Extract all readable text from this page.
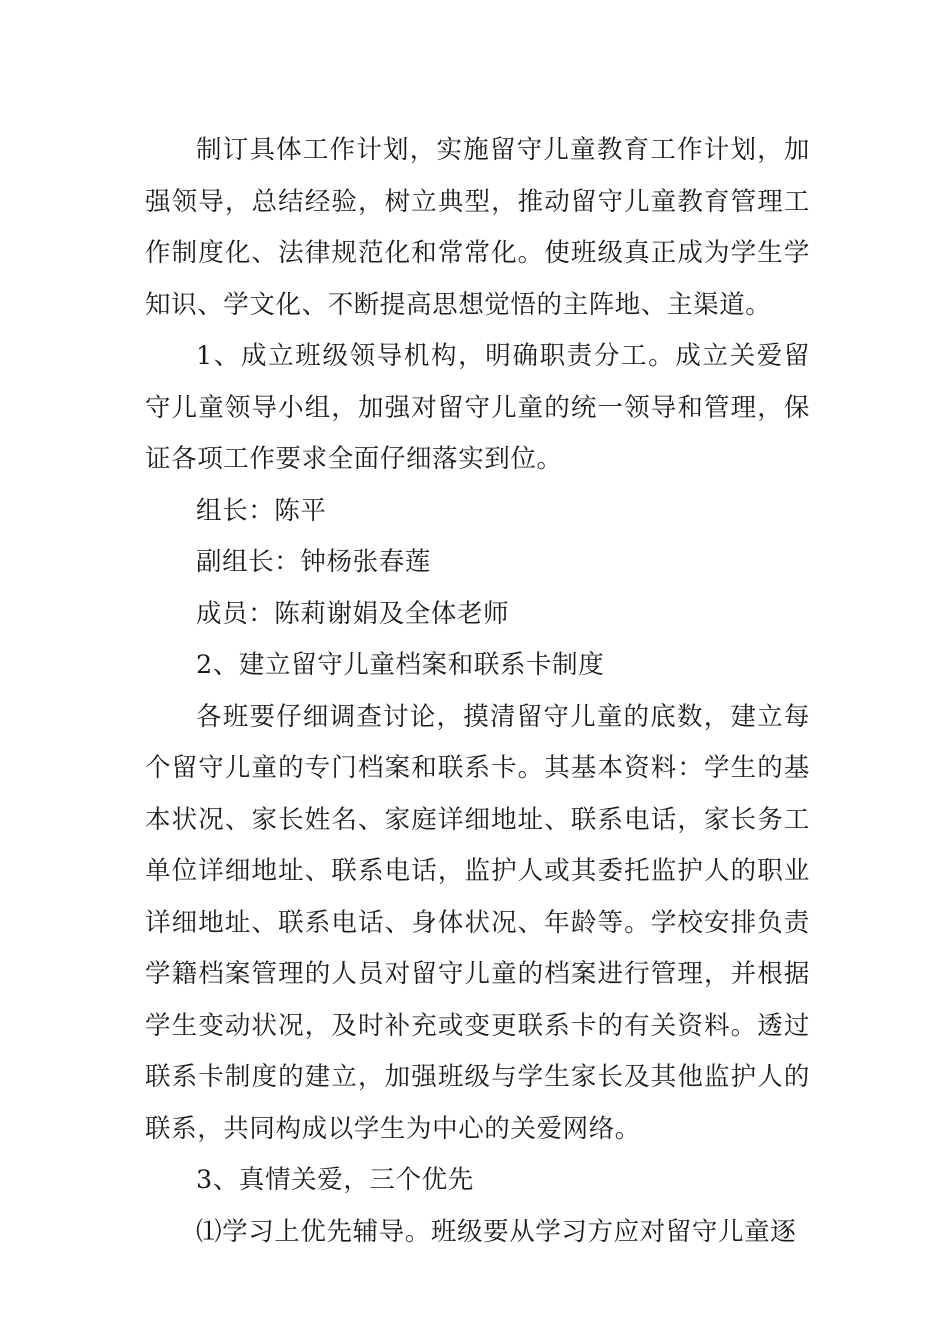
制订具体工作计划，实施留守儿童教育工作计划，加强领导，总结经验，树立典型，推动留守儿童教育管理工作制度化、法律规范化和常常化。使班级真正成为学生学知识、学文化、不断提高思想觉悟的主阵地、主渠道。

1、成立班级领导机构，明确职责分工。成立关爱留守儿童领导小组，加强对留守儿童的统一领导和管理，保证各项工作要求全面仔细落实到位。

组长：陈平

副组长：钟杨张春莲

成员：陈莉谢娟及全体老师

2、建立留守儿童档案和联系卡制度

各班要仔细调查讨论，摸清留守儿童的底数，建立每个留守儿童的专门档案和联系卡。其基本资料：学生的基本状况、家长姓名、家庭详细地址、联系电话，家长务工单位详细地址、联系电话，监护人或其委托监护人的职业详细地址、联系电话、身体状况、年龄等。学校安排负责学籍档案管理的人员对留守儿童的档案进行管理，并根据学生变动状况，及时补充或变更联系卡的有关资料。透过联系卡制度的建立，加强班级与学生家长及其他监护人的联系，共同构成以学生为中心的关爱网络。

3、真情关爱，三个优先

⑴学习上优先辅导。班级要从学习方应对留守儿童逐
